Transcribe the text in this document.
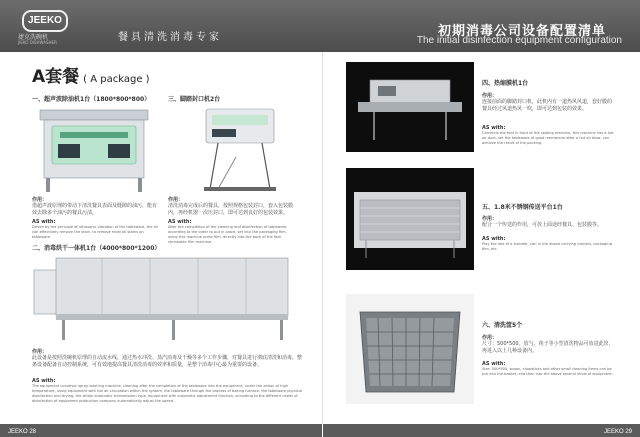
JEEKO
捷克洗碗机
JIEKO DISHWASHER	餐具清洗消毒专家	初期消毒公司设备配置清单
The initial disinfection equipment configuration
A套餐 ( A package )
一、超声波除油机1台（1800*800*800）
作用：
借超声波原理的带动下清洗餐具表面及缝隙的油污，能有效去除多个油污的餐具污渍。
AS with:
Driven by the principle of ultrasonic vibration of the tableware, the oil can effectively remove the stain, to remove most oil stains on tableware.
三、脚踏封口机2台
作用：
清洗消毒完成后的餐具，按照规格包装封口，套入包装膜内，再经机器一次压封口，即可达到良好的包装效果。
AS with:
After the completion of the cleaning and disinfection of tableware, according to the order to put in place, set into the packaging film, using this machine press film, directly into the back of the foot shrinkable film machine.
二、消毒烘干一体机1台（4000*800*1200）
作用：
此设备是按照洗碗机原理的自动流水线，通过热水冲洗、蒸汽消毒及干燥等多个工作步骤，对餐具进行彻底清洗和消毒，整条设备配备自动控制系统，可有效地提高餐具清洗消毒的效率和质量，是整个消毒中心最为重要的设备。
AS with:
The equipment conveyor spray washing machine, cleaning after the completion of the tableware into the equipment, under the action of high temperature, using equipment with hot air circulation within the system, the tableware through the process of baking furnace, the tableware physical disinfection and drying, the whole automatic transmission type, equipment with automatic adjustment function, according to the different needs of disinfection of equipment production company automatically adjust the speed.
四、热缩膜机1台
作用：
连接前面的脚踏封口机，此机内有一道热风风道，套好膜的餐具经过风道热风一吹，即可达到包装的效果。
AS with:
Connects the foot in front of the sealing machine, this machine has a hot air duct, set the tableware of good membrane after a hot air blow, can achieve the result of the packing.
五、1.8米不锈钢传送平台1台
作用：
配合一个传送的作用，可放上面途经餐具、包装膜等。
AS with:
Play the role of a transfer, can in the above carrying utensils, packaging film, etc.
六、清洗筐5个
作用：
尺寸：500*500。放勺、筷子等小型清洗物品可放进此筐，再进入以上几种设备内。
AS with:
Size: 500*500, spoon, chopsticks and other small cleaning items can be put into the basket, and then into the above several kinds of equipment.
JEEKO 28	JEEKO 29
